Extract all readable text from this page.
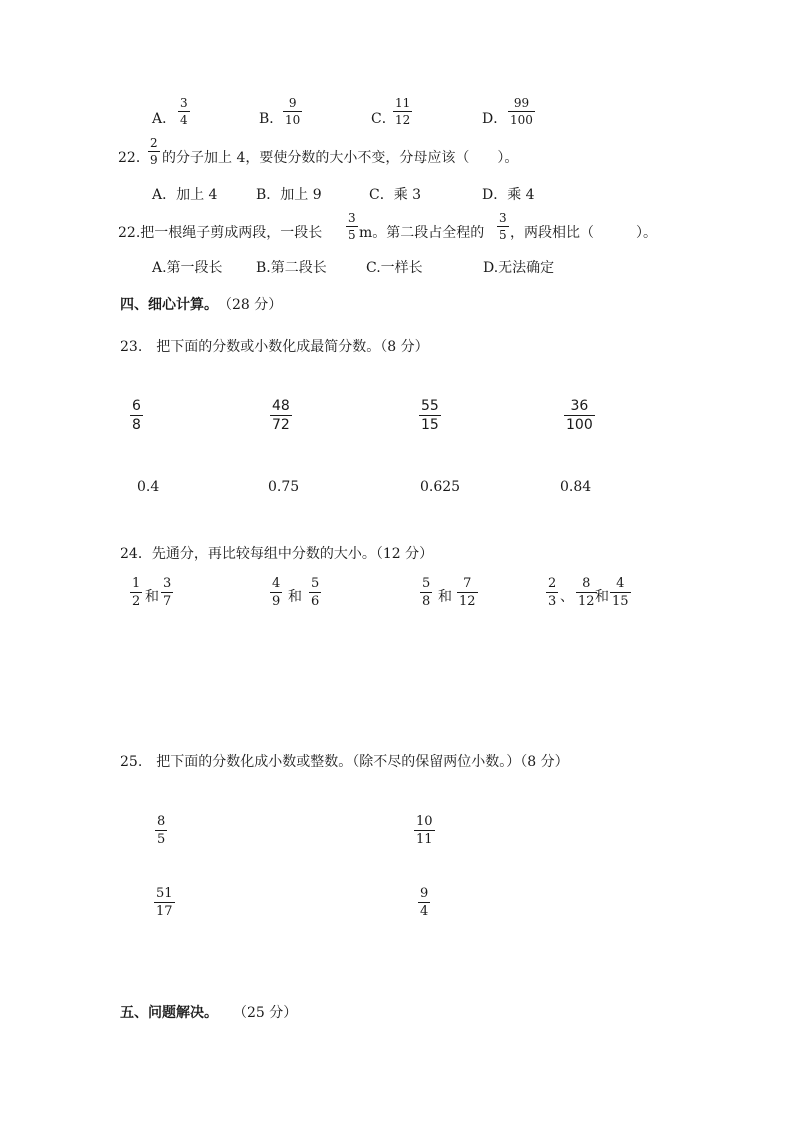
A．
3
4	B．
9
10	C．
11
12	D．
99
100
22．
2
9 的分子加上 4，要使分数的大小不变，分母应该（　　）。
A．加上 4	B．加上 9	C．乘 3	D．乘 4
22.把一根绳子剪成两段，一段长
3
5 m。第二段占全程的
3
5 ，两段相比（　　　）。
A.第一段长 B.第二段长	C.一样长	D.无法确定
四、细心计算。 （28 分）
23.　把下面的分数或小数化成最简分数。（8 分）
6
8
48
72
55
15
36
100
0.4	0.75	0.625	0.84
24．先通分，再比较每组中分数的大小。（12 分）
1
2 和
3
7
4
9 和
5
6
5
8 和
7
12
2
3 、
8
12 和
4
15
25.　把下面的分数化成小数或整数。（除不尽的保留两位小数。）（8 分）
8
5
10
11
51
17
9
4
五、问题解决。 （25 分）
